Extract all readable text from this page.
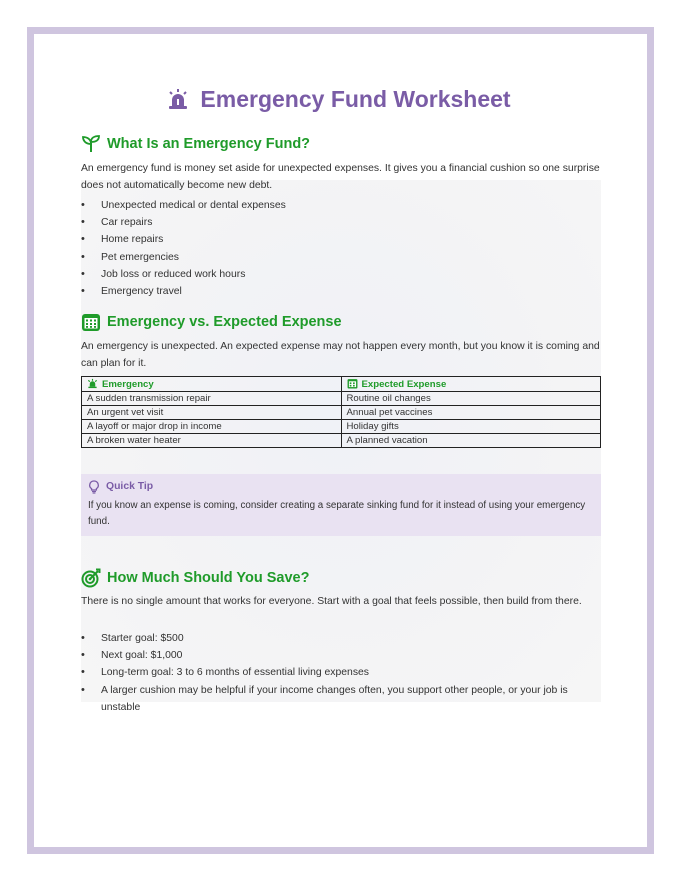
Emergency Fund Worksheet
What Is an Emergency Fund?
An emergency fund is money set aside for unexpected expenses. It gives you a financial cushion so one surprise does not automatically become new debt.
• Unexpected medical or dental expenses
• Car repairs
• Home repairs
• Pet emergencies
• Job loss or reduced work hours
• Emergency travel
Emergency vs. Expected Expense
An emergency is unexpected. An expected expense may not happen every month, but you know it is coming and can plan for it.
Emergency	Expected Expense
A sudden transmission repair	Routine oil changes
An urgent vet visit	Annual pet vaccines
A layoff or major drop in income	Holiday gifts
A broken water heater	A planned vacation
Quick Tip
If you know an expense is coming, consider creating a separate sinking fund for it instead of using your emergency fund.
How Much Should You Save?
There is no single amount that works for everyone. Start with a goal that feels possible, then build from there.
• Starter goal: $500
• Next goal: $1,000
• Long-term goal: 3 to 6 months of essential living expenses
• A larger cushion may be helpful if your income changes often, you support other people, or your job is unstable
